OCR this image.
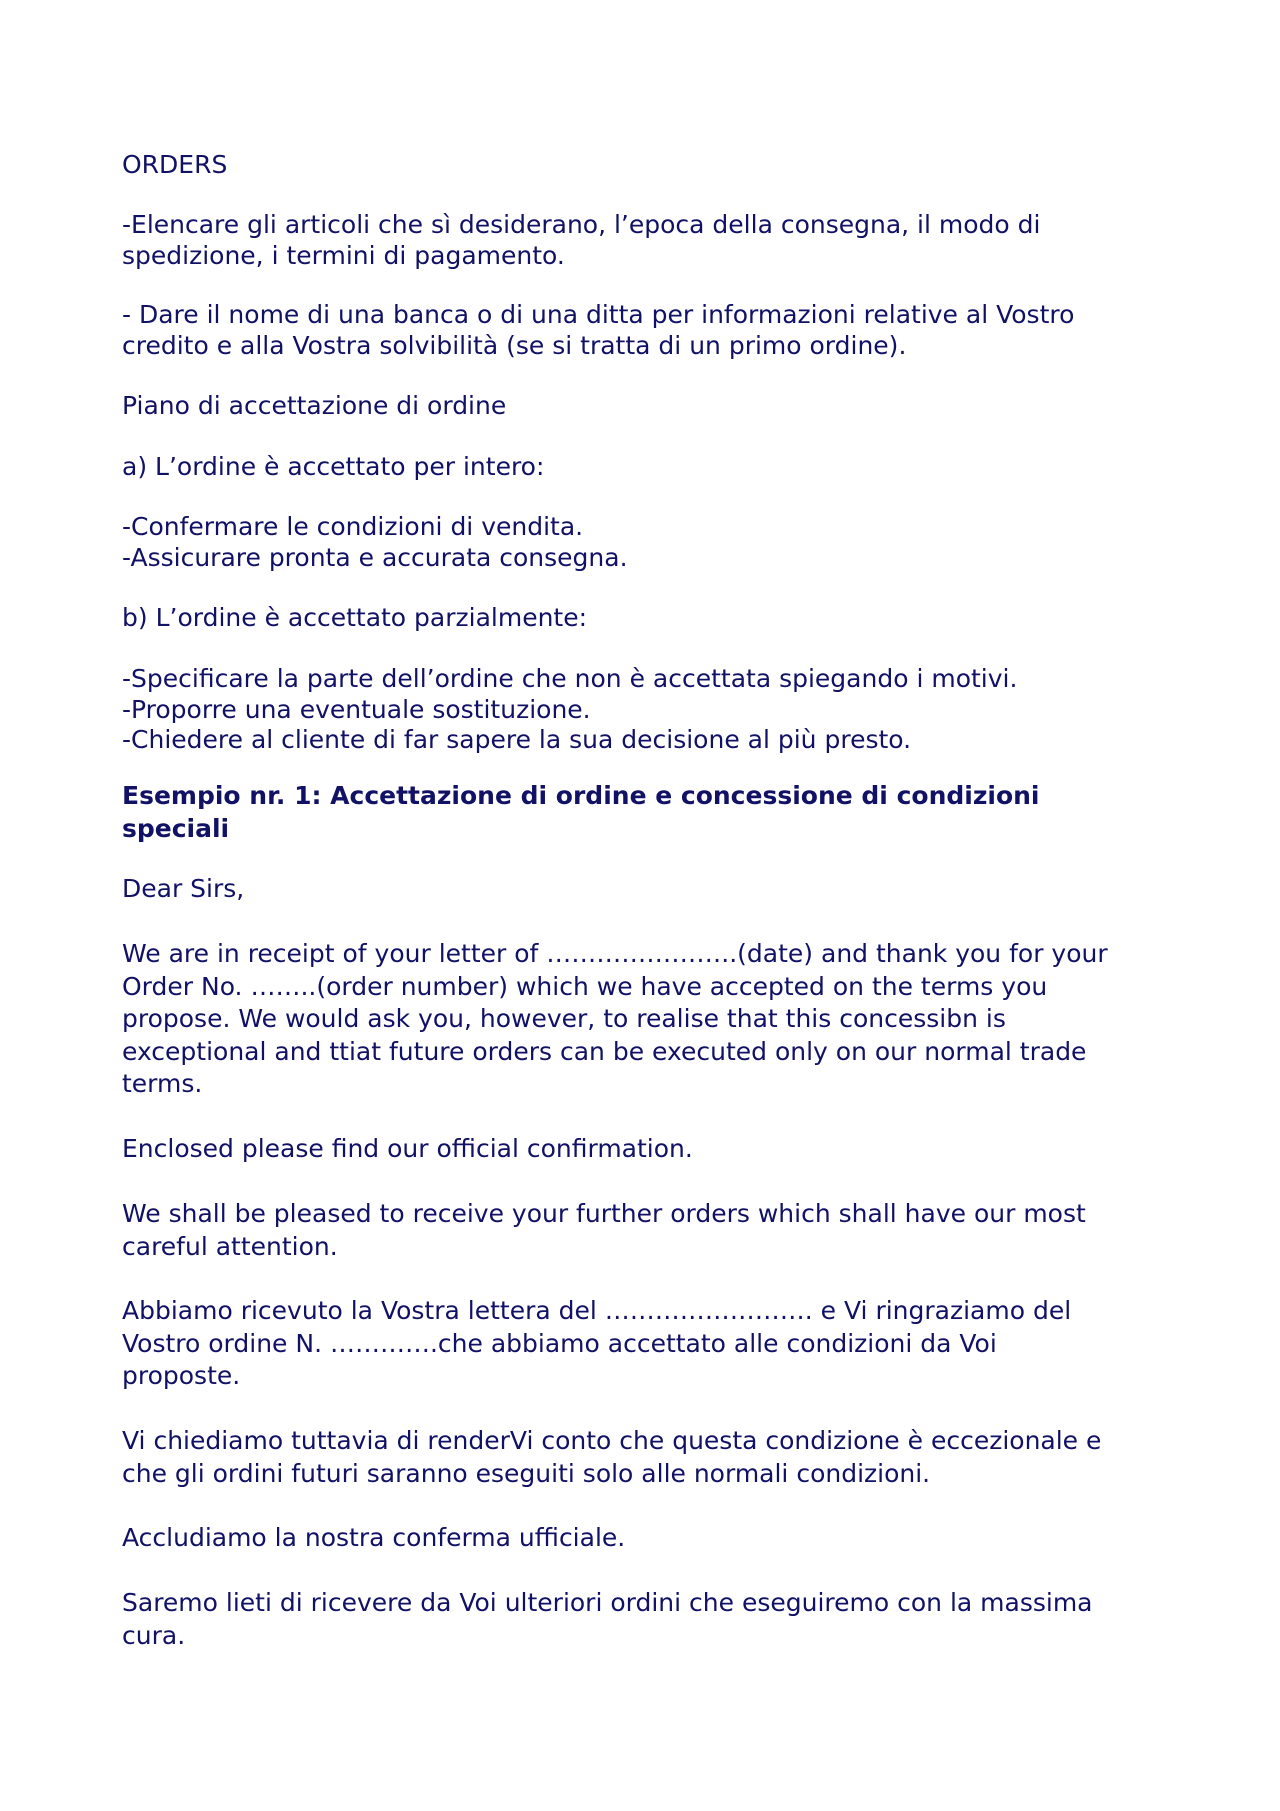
ORDERS
-Elencare gli articoli che sì desiderano, l’epoca della consegna, il modo di
spedizione, i termini di pagamento.
- Dare il nome di una banca o di una ditta per informazioni relative al Vostro
credito e alla Vostra solvibilità (se si tratta di un primo ordine).
Piano di accettazione di ordine
a) L’ordine è accettato per intero:
-Confermare le condizioni di vendita.
-Assicurare pronta e accurata consegna.
b) L’ordine è accettato parzialmente:
-Specificare la parte dell’ordine che non è accettata spiegando i motivi.
-Proporre una eventuale sostituzione.
-Chiedere al cliente di far sapere la sua decisione al più presto.
Esempio nr. 1: Accettazione di ordine e concessione di condizioni
speciali
Dear Sirs,
We are in receipt of your letter of …………………..(date) and thank you for your
Order No. ……..(order number) which we have accepted on the terms you
propose. We would ask you, however, to realise that this concessibn is
exceptional and ttiat future orders can be executed only on our normal trade
terms.
Enclosed please find our official confirmation.
We shall be pleased to receive your further orders which shall have our most
careful attention.
Abbiamo ricevuto la Vostra lettera del ……………………. e Vi ringraziamo del
Vostro ordine N. ………….che abbiamo accettato alle condizioni da Voi
proposte.
Vi chiediamo tuttavia di renderVi conto che questa condizione è eccezionale e
che gli ordini futuri saranno eseguiti solo alle normali condizioni.
Accludiamo la nostra conferma ufficiale.
Saremo lieti di ricevere da Voi ulteriori ordini che eseguiremo con la massima
cura.
